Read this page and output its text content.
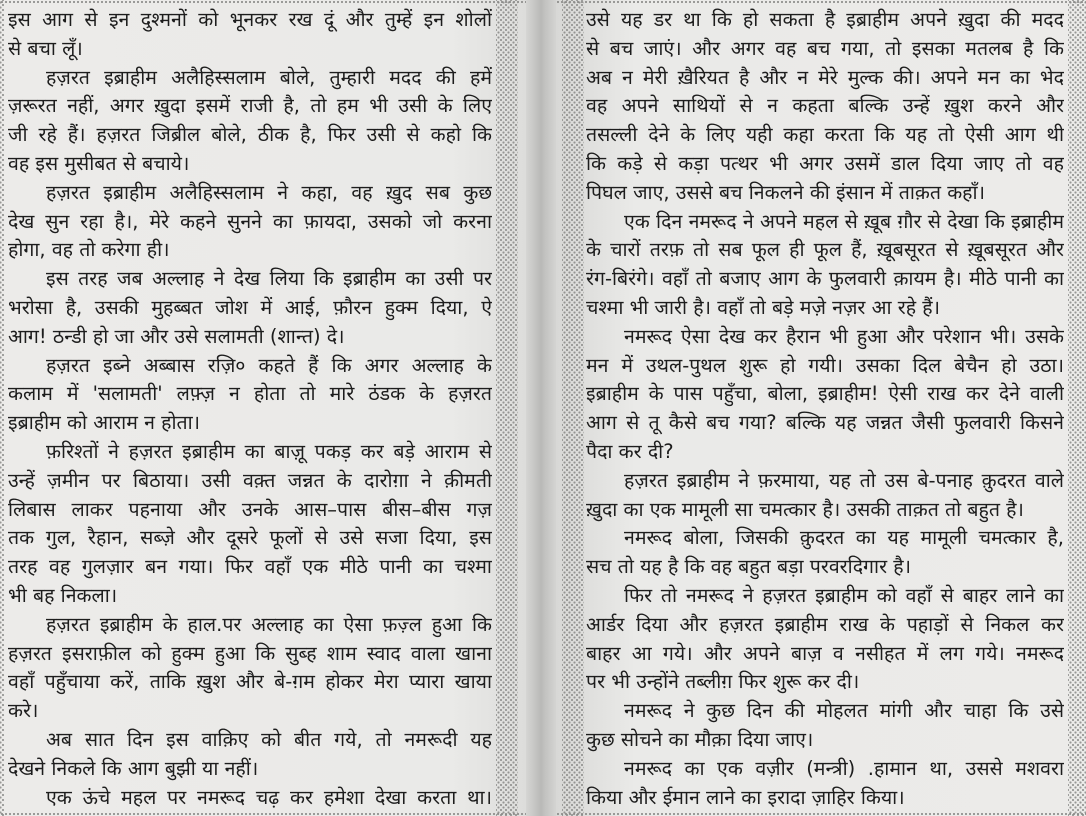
इस आग से इन दुश्मनों को भूनकर रख दूं और तुम्हें इन शोलों
से बचा लूँ।
हज़रत इब्राहीम अलैहिस्सलाम बोले, तुम्हारी मदद की हमें
ज़रूरत नहीं, अगर ख़ुदा इसमें राजी है, तो हम भी उसी के लिए
जी रहे हैं। हज़रत जिब्रील बोले, ठीक है, फिर उसी से कहो कि
वह इस मुसीबत से बचाये।
हज़रत इब्राहीम अलैहिस्सलाम ने कहा, वह ख़ुद सब कुछ
देख सुन रहा है।, मेरे कहने सुनने का फ़ायदा, उसको जो करना
होगा, वह तो करेगा ही।
इस तरह जब अल्लाह ने देख लिया कि इब्राहीम का उसी पर
भरोसा है, उसकी मुहब्बत जोश में आई, फ़ौरन हुक्म दिया, ऐ
आग! ठन्डी हो जा और उसे सलामती (शान्त) दे।
हज़रत इब्ने अब्बास रज़ि० कहते हैं कि अगर अल्लाह के
कलाम में 'सलामती' लफ़्ज़ न होता तो मारे ठंडक के हज़रत
इब्राहीम को आराम न होता।
फ़रिश्तों ने हज़रत इब्राहीम का बाज़ू पकड़ कर बड़े आराम से
उन्हें ज़मीन पर बिठाया। उसी वक़्त जन्नत के दारोग़ा ने क़ीमती
लिबास लाकर पहनाया और उनके आस–पास बीस–बीस गज़
तक गुल, रैहान, सब्ज़े और दूसरे फूलों से उसे सजा दिया, इस
तरह वह गुलज़ार बन गया। फिर वहाँ एक मीठे पानी का चश्मा
भी बह निकला।
हज़रत इब्राहीम के हाल.पर अल्लाह का ऐसा फ़ज़्ल हुआ कि
हज़रत इसराफ़ील को हुक्म हुआ कि सुब्ह शाम स्वाद वाला खाना
वहाँ पहुँचाया करें, ताकि ख़ुश और बे-ग़म होकर मेरा प्यारा खाया
करे।
अब सात दिन इस वाक़िए को बीत गये, तो नमरूदी यह
देखने निकले कि आग बुझी या नहीं।
एक ऊंचे महल पर नमरूद चढ़ कर हमेशा देखा करता था।
उसे यह डर था कि हो सकता है इब्राहीम अपने ख़ुदा की मदद
से बच जाएं। और अगर वह बच गया, तो इसका मतलब है कि
अब न मेरी ख़ैरियत है और न मेरे मुल्क की। अपने मन का भेद
वह अपने साथियों से न कहता बल्कि उन्हें ख़ुश करने और
तसल्ली देने के लिए यही कहा करता कि यह तो ऐसी आग थी
कि कड़े से कड़ा पत्थर भी अगर उसमें डाल दिया जाए तो वह
पिघल जाए, उससे बच निकलने की इंसान में ताक़त कहाँ।
एक दिन नमरूद ने अपने महल से ख़ूब ग़ौर से देखा कि इब्राहीम
के चारों तरफ़ तो सब फूल ही फूल हैं, ख़ूबसूरत से ख़ूबसूरत और
रंग-बिरंगे। वहाँ तो बजाए आग के फुलवारी क़ायम है। मीठे पानी का
चश्मा भी जारी है। वहाँ तो बड़े मज़े नज़र आ रहे हैं।
नमरूद ऐसा देख कर हैरान भी हुआ और परेशान भी। उसके
मन में उथल-पुथल शुरू हो गयी। उसका दिल बेचैन हो उठा।
इब्राहीम के पास पहुँचा, बोला, इब्राहीम! ऐसी राख कर देने वाली
आग से तू कैसे बच गया? बल्कि यह जन्नत जैसी फुलवारी किसने
पैदा कर दी?
हज़रत इब्राहीम ने फ़रमाया, यह तो उस बे-पनाह क़ुदरत वाले
ख़ुदा का एक मामूली सा चमत्कार है। उसकी ताक़त तो बहुत है।
नमरूद बोला, जिसकी क़ुदरत का यह मामूली चमत्कार है,
सच तो यह है कि वह बहुत बड़ा परवरदिगार है।
फिर तो नमरूद ने हज़रत इब्राहीम को वहाँ से बाहर लाने का
आर्डर दिया और हज़रत इब्राहीम राख के पहाड़ों से निकल कर
बाहर आ गये। और अपने बाज़ व नसीहत में लग गये। नमरूद
पर भी उन्होंने तब्लीग़ फिर शुरू कर दी।
नमरूद ने कुछ दिन की मोहलत मांगी और चाहा कि उसे
कुछ सोचने का मौक़ा दिया जाए।
नमरूद का एक वज़ीर (मन्त्री) .हामान था, उससे मशवरा
किया और ईमान लाने का इरादा ज़ाहिर किया।
